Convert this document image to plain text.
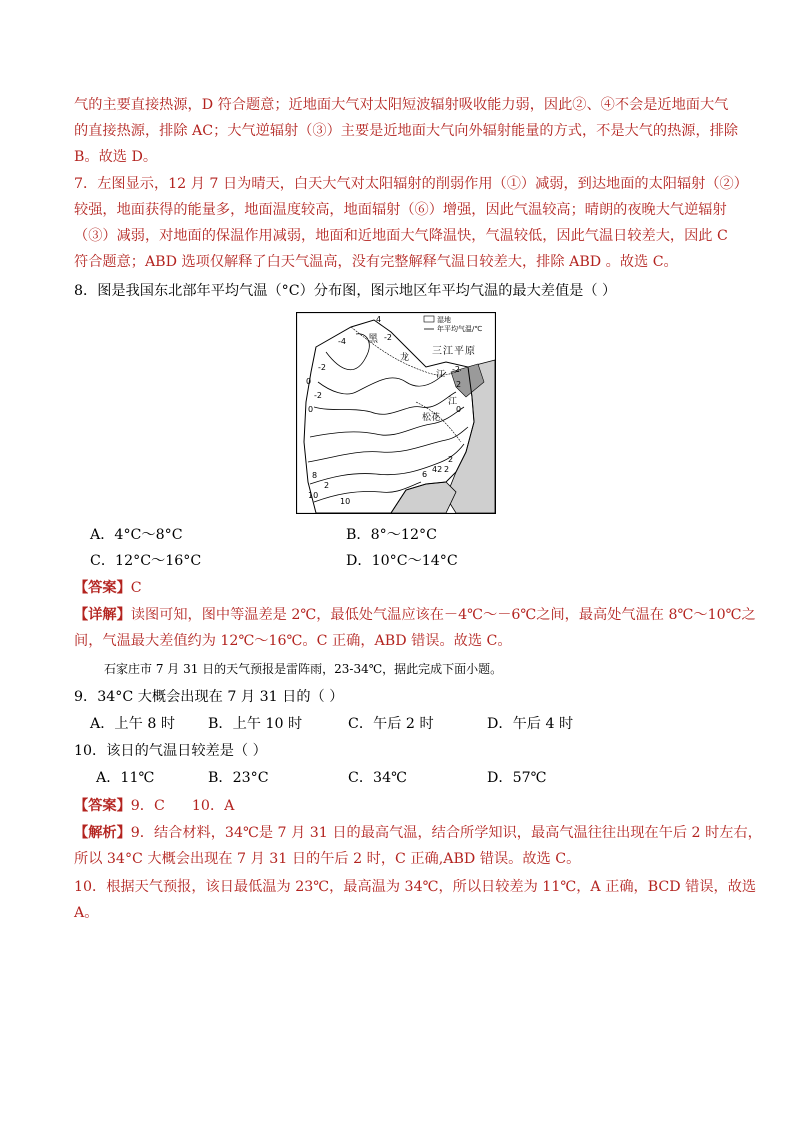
气的主要直接热源，D 符合题意；近地面大气对太阳短波辐射吸收能力弱，因此②、④不会是近地面大气
的直接热源，排除 AC；大气逆辐射（③）主要是近地面大气向外辐射能量的方式，不是大气的热源，排除
B。故选 D。
7．左图显示，12 月 7 日为晴天，白天大气对太阳辐射的削弱作用（①）减弱，到达地面的太阳辐射（②）
较强，地面获得的能量多，地面温度较高，地面辐射（⑥）增强，因此气温较高；晴朗的夜晚大气逆辐射
（③）减弱，对地面的保温作用减弱，地面和近地面大气降温快，气温较低，因此气温日较差大，因此 C
符合题意；ABD 选项仅解释了白天气温高，没有完整解释气温日较差大，排除 ABD 。故选 C。
8．图是我国东北部年平均气温（°C）分布图，图示地区年平均气温的最大差值是（ ）
湿地
年平均气温/℃
三江平原
黑
龙
江
江
松花
4
-2
-4
-2
0
-2
0
-2
2
0
2
6
42 2
8
10
10
2
A．4°C～8°C	B．8°～12°C
C．12°C～16°C	D．10°C～14°C
【答案】C
【详解】读图可知，图中等温差是 2℃，最低处气温应该在－4℃～－6℃之间，最高处气温在 8℃～10℃之
间，气温最大差值约为 12℃～16℃。C 正确，ABD 错误。故选 C。
石家庄市 7 月 31 日的天气预报是雷阵雨，23-34℃，据此完成下面小题。
9．34°C 大概会出现在 7 月 31 日的（ ）
A．上午 8 时 B．上午 10 时	C．午后 2 时	D．午后 4 时
10．该日的气温日较差是（ ）
A．11℃	B．23°C	C．34℃	D．57℃
【答案】9．C      10．A
【解析】9．结合材料，34℃是 7 月 31 日的最高气温，结合所学知识，最高气温往往出现在午后 2 时左右，
所以 34°C 大概会出现在 7 月 31 日的午后 2 时，C 正确,ABD 错误。故选 C。
10．根据天气预报，该日最低温为 23℃，最高温为 34℃，所以日较差为 11℃，A 正确，BCD 错误，故选
A。
